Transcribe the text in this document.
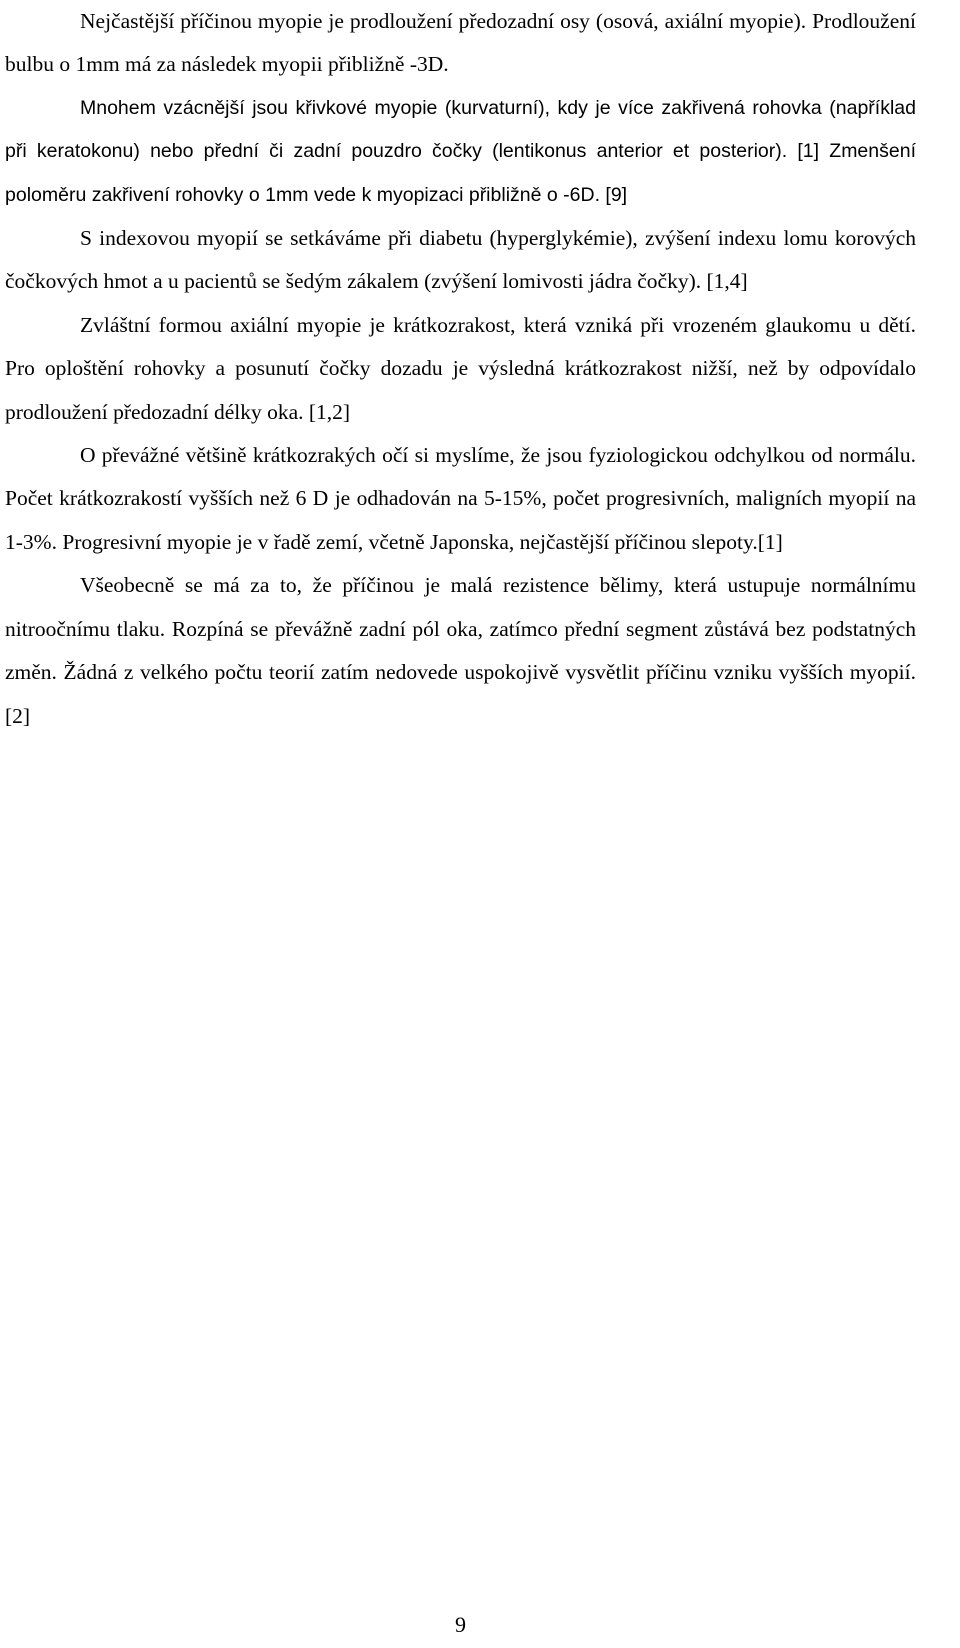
Nejčastější příčinou myopie je prodloužení předozadní osy (osová, axiální myopie). Prodloužení bulbu o 1mm má za následek myopii přibližně -3D.

Mnohem vzácnější jsou křivkové myopie (kurvaturní), kdy je více zakřivená rohovka (například při keratokonu) nebo přední či zadní pouzdro čočky (lentikonus anterior et posterior). [1] Zmenšení poloměru zakřivení rohovky o 1mm vede k myopizaci přibližně o -6D. [9]

S indexovou myopií se setkáváme při diabetu (hyperglykémie), zvýšení indexu lomu korových čočkových hmot a u pacientů se šedým zákalem (zvýšení lomivosti jádra čočky). [1,4]

Zvláštní formou axiální myopie je krátkozrakost, která vzniká při vrozeném glaukomu u dětí. Pro oploštění rohovky a posunutí čočky dozadu je výsledná krátkozrakost nižší, než by odpovídalo prodloužení předozadní délky oka. [1,2]

O převážné většině krátkozrakých očí si myslíme, že jsou fyziologickou odchylkou od normálu. Počet krátkozrakostí vyšších než 6 D je odhadován na 5-15%, počet progresivních, maligních myopií na 1-3%. Progresivní myopie je v řadě zemí, včetně Japonska, nejčastější příčinou slepoty.[1]

Všeobecně se má za to, že příčinou je malá rezistence bělimy, která ustupuje normálnímu nitroočnímu tlaku. Rozpíná se převážně zadní pól oka, zatímco přední segment zůstává bez podstatných změn. Žádná z velkého počtu teorií zatím nedovede uspokojivě vysvětlit příčinu vzniku vyšších myopií. [2]

9
